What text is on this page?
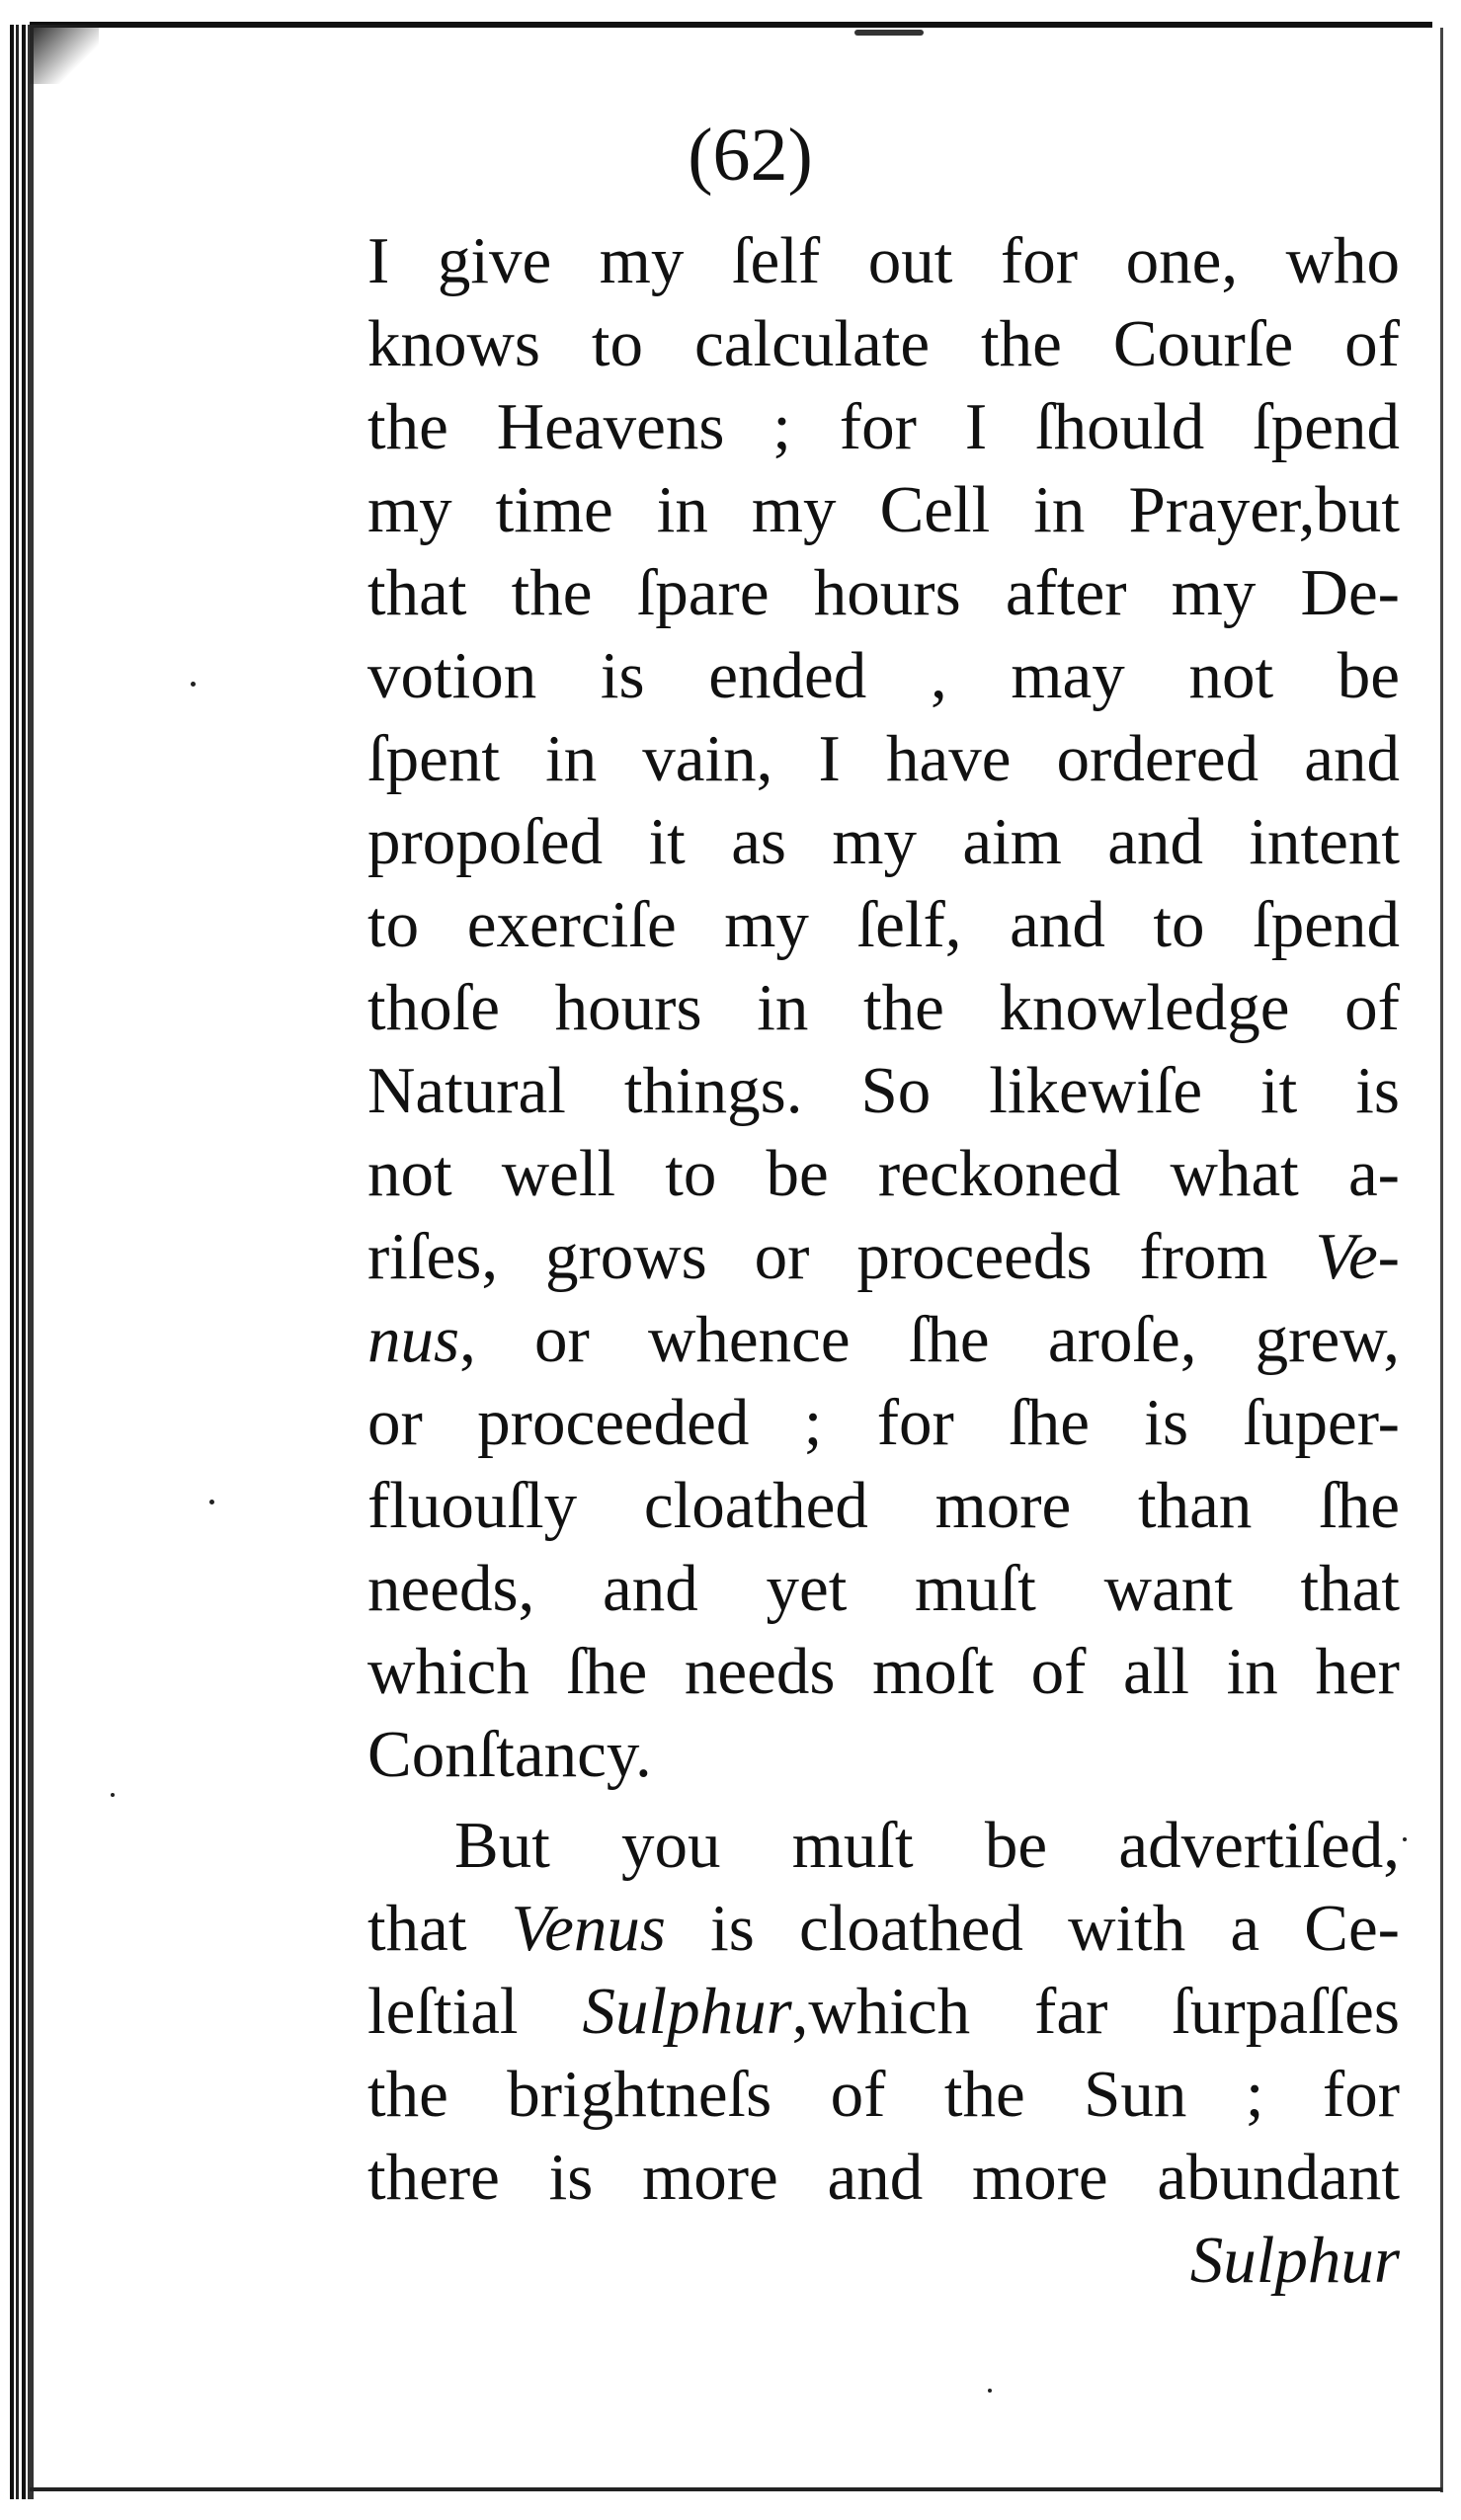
(62)
I give my ſelf out for one, who
knows to calculate the Courſe of
the Heavens ; for I ſhould ſpend
my time in my Cell in Prayer,but
that the ſpare hours after my De-
votion is ended , may not be
ſpent in vain, I have ordered and
propoſed it as my aim and intent
to exerciſe my ſelf, and to ſpend
thoſe hours in the knowledge of
Natural things. So likewiſe it is
not well to be reckoned what a-
riſes, grows or proceeds from Ve-
nus, or whence ſhe aroſe, grew,
or proceeded ; for ſhe is ſuper-
fluouſly cloathed more than ſhe
needs, and yet muſt want that
which ſhe needs moſt of all in her
Conſtancy.
But you muſt be advertiſed,
that Venus is cloathed with a Ce-
leſtial Sulphur,which far ſurpaſſes
the brightneſs of the Sun ; for
there is more and more abundant
Sulphur
